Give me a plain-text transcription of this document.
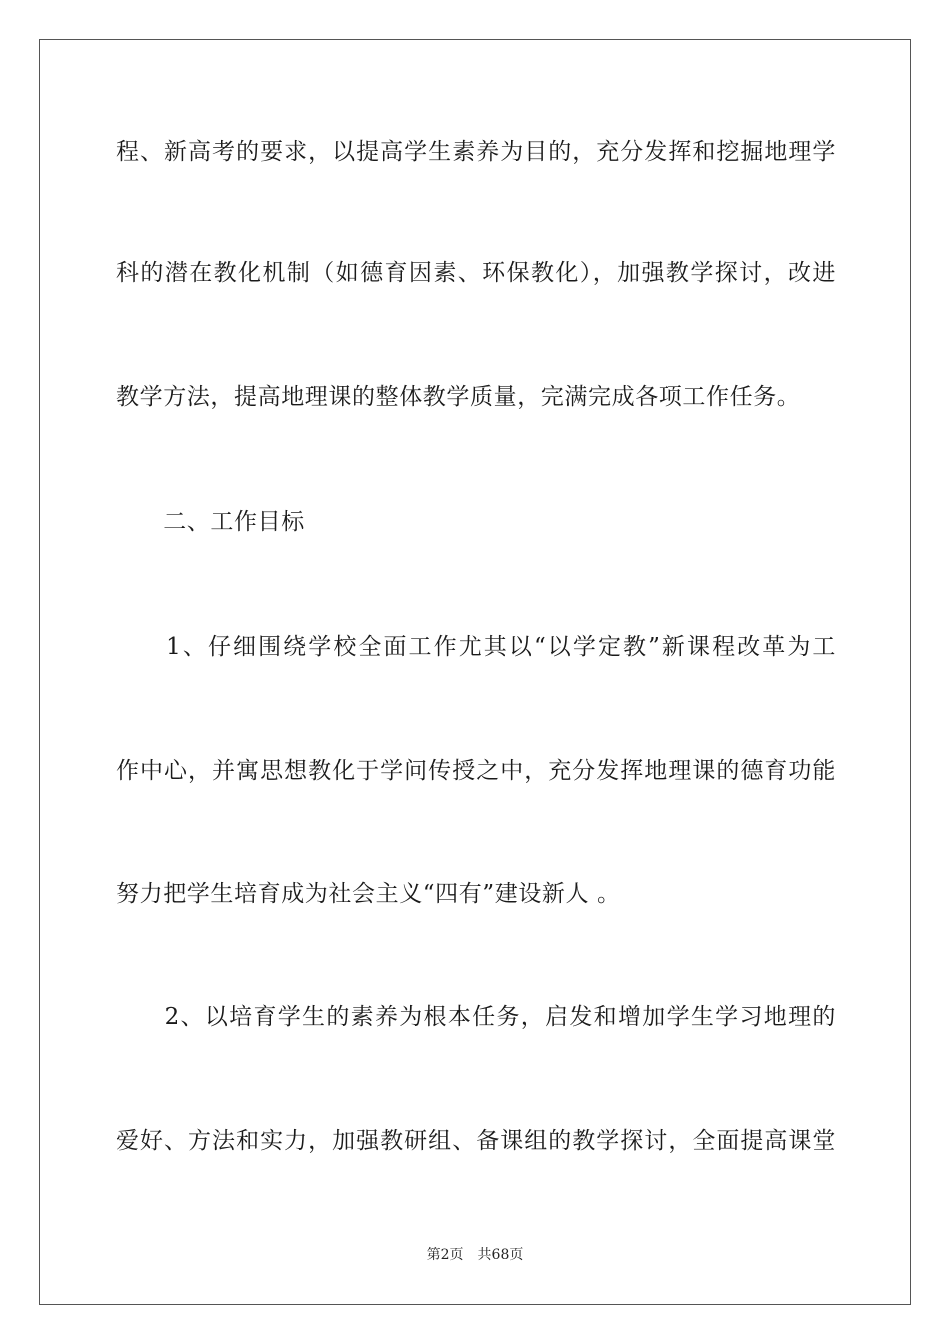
程、新高考的要求，以提高学生素养为目的，充分发挥和挖掘地理学
科的潜在教化机制（如德育因素、环保教化），加强教学探讨，改进
教学方法，提高地理课的整体教学质量，完满完成各项工作任务。
　　二、工作目标
　　1、仔细围绕学校全面工作尤其以“以学定教”新课程改革为工
作中心，并寓思想教化于学问传授之中，充分发挥地理课的德育功能
努力把学生培育成为社会主义“四有”建设新人 。
　　2、以培育学生的素养为根本任务，启发和增加学生学习地理的
爱好、方法和实力，加强教研组、备课组的教学探讨，全面提高课堂
第2页 共68页
